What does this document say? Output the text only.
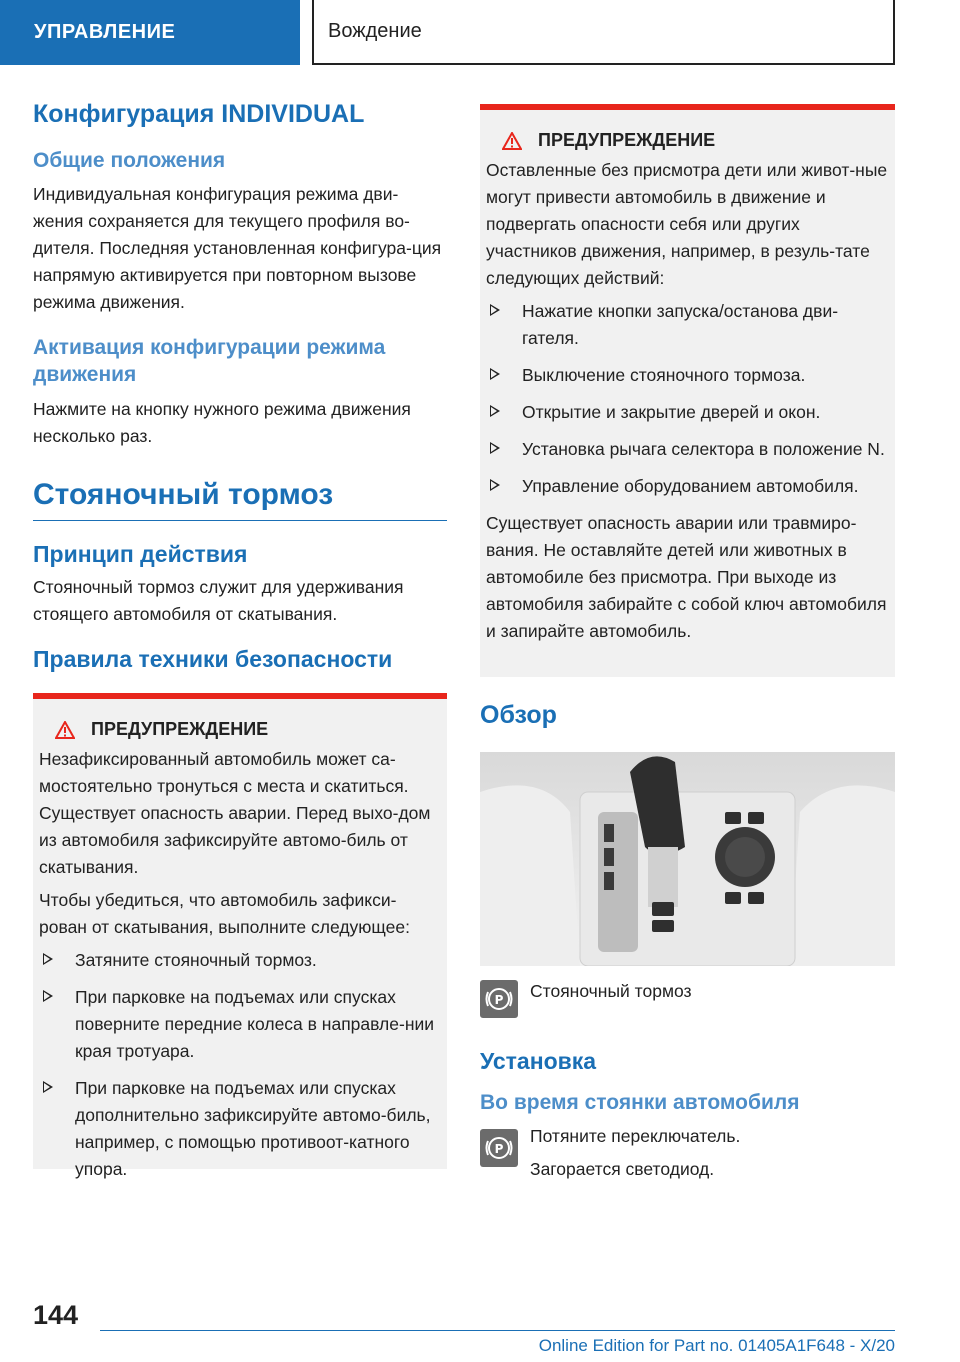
УПРАВЛЕНИЕ	Вождение
Конфигурация INDIVIDUAL
Общие положения

Индивидуальная конфигурация режима дви-жения сохраняется для текущего профиля во-дителя. Последняя установленная конфигура-ция напрямую активируется при повторном вызове режима движения.

Активация конфигурации режима движения

Нажмите на кнопку нужного режима движения несколько раз.

Стояночный тормоз
Принцип действия

Стояночный тормоз служит для удерживания стоящего автомобиля от скатывания.

Правила техники безопасности
ПРЕДУПРЕЖДЕНИЕ

Незафиксированный автомобиль может са-мостоятельно тронуться с места и скатиться. Существует опасность аварии. Перед выхо-дом из автомобиля зафиксируйте автомо-биль от скатывания.

Чтобы убедиться, что автомобиль зафикси-рован от скатывания, выполните следующее:

Затяните стояночный тормоз.
При парковке на подъемах или спусках поверните передние колеса в направле-нии края тротуара.
При парковке на подъемах или спусках дополнительно зафиксируйте автомо-биль, например, с помощью противоот-катного упора.
ПРЕДУПРЕЖДЕНИЕ

Оставленные без присмотра дети или живот-ные могут привести автомобиль в движение и подвергать опасности себя или других участников движения, например, в резуль-тате следующих действий:

Нажатие кнопки запуска/останова дви-гателя.
Выключение стояночного тормоза.
Открытие и закрытие дверей и окон.
Установка рычага селектора в положение N.
Управление оборудованием автомобиля.

Существует опасность аварии или травмиро-вания. Не оставляйте детей или животных в автомобиле без присмотра. При выходе из автомобиля забирайте с собой ключ автомобиля и запирайте автомобиль.

Обзор
P Стояночный тормоз

Установка
Во время стоянки автомобиля
P

Потяните переключатель.

Загорается светодиод.

144
Online Edition for Part no. 01405A1F648 - X/20
